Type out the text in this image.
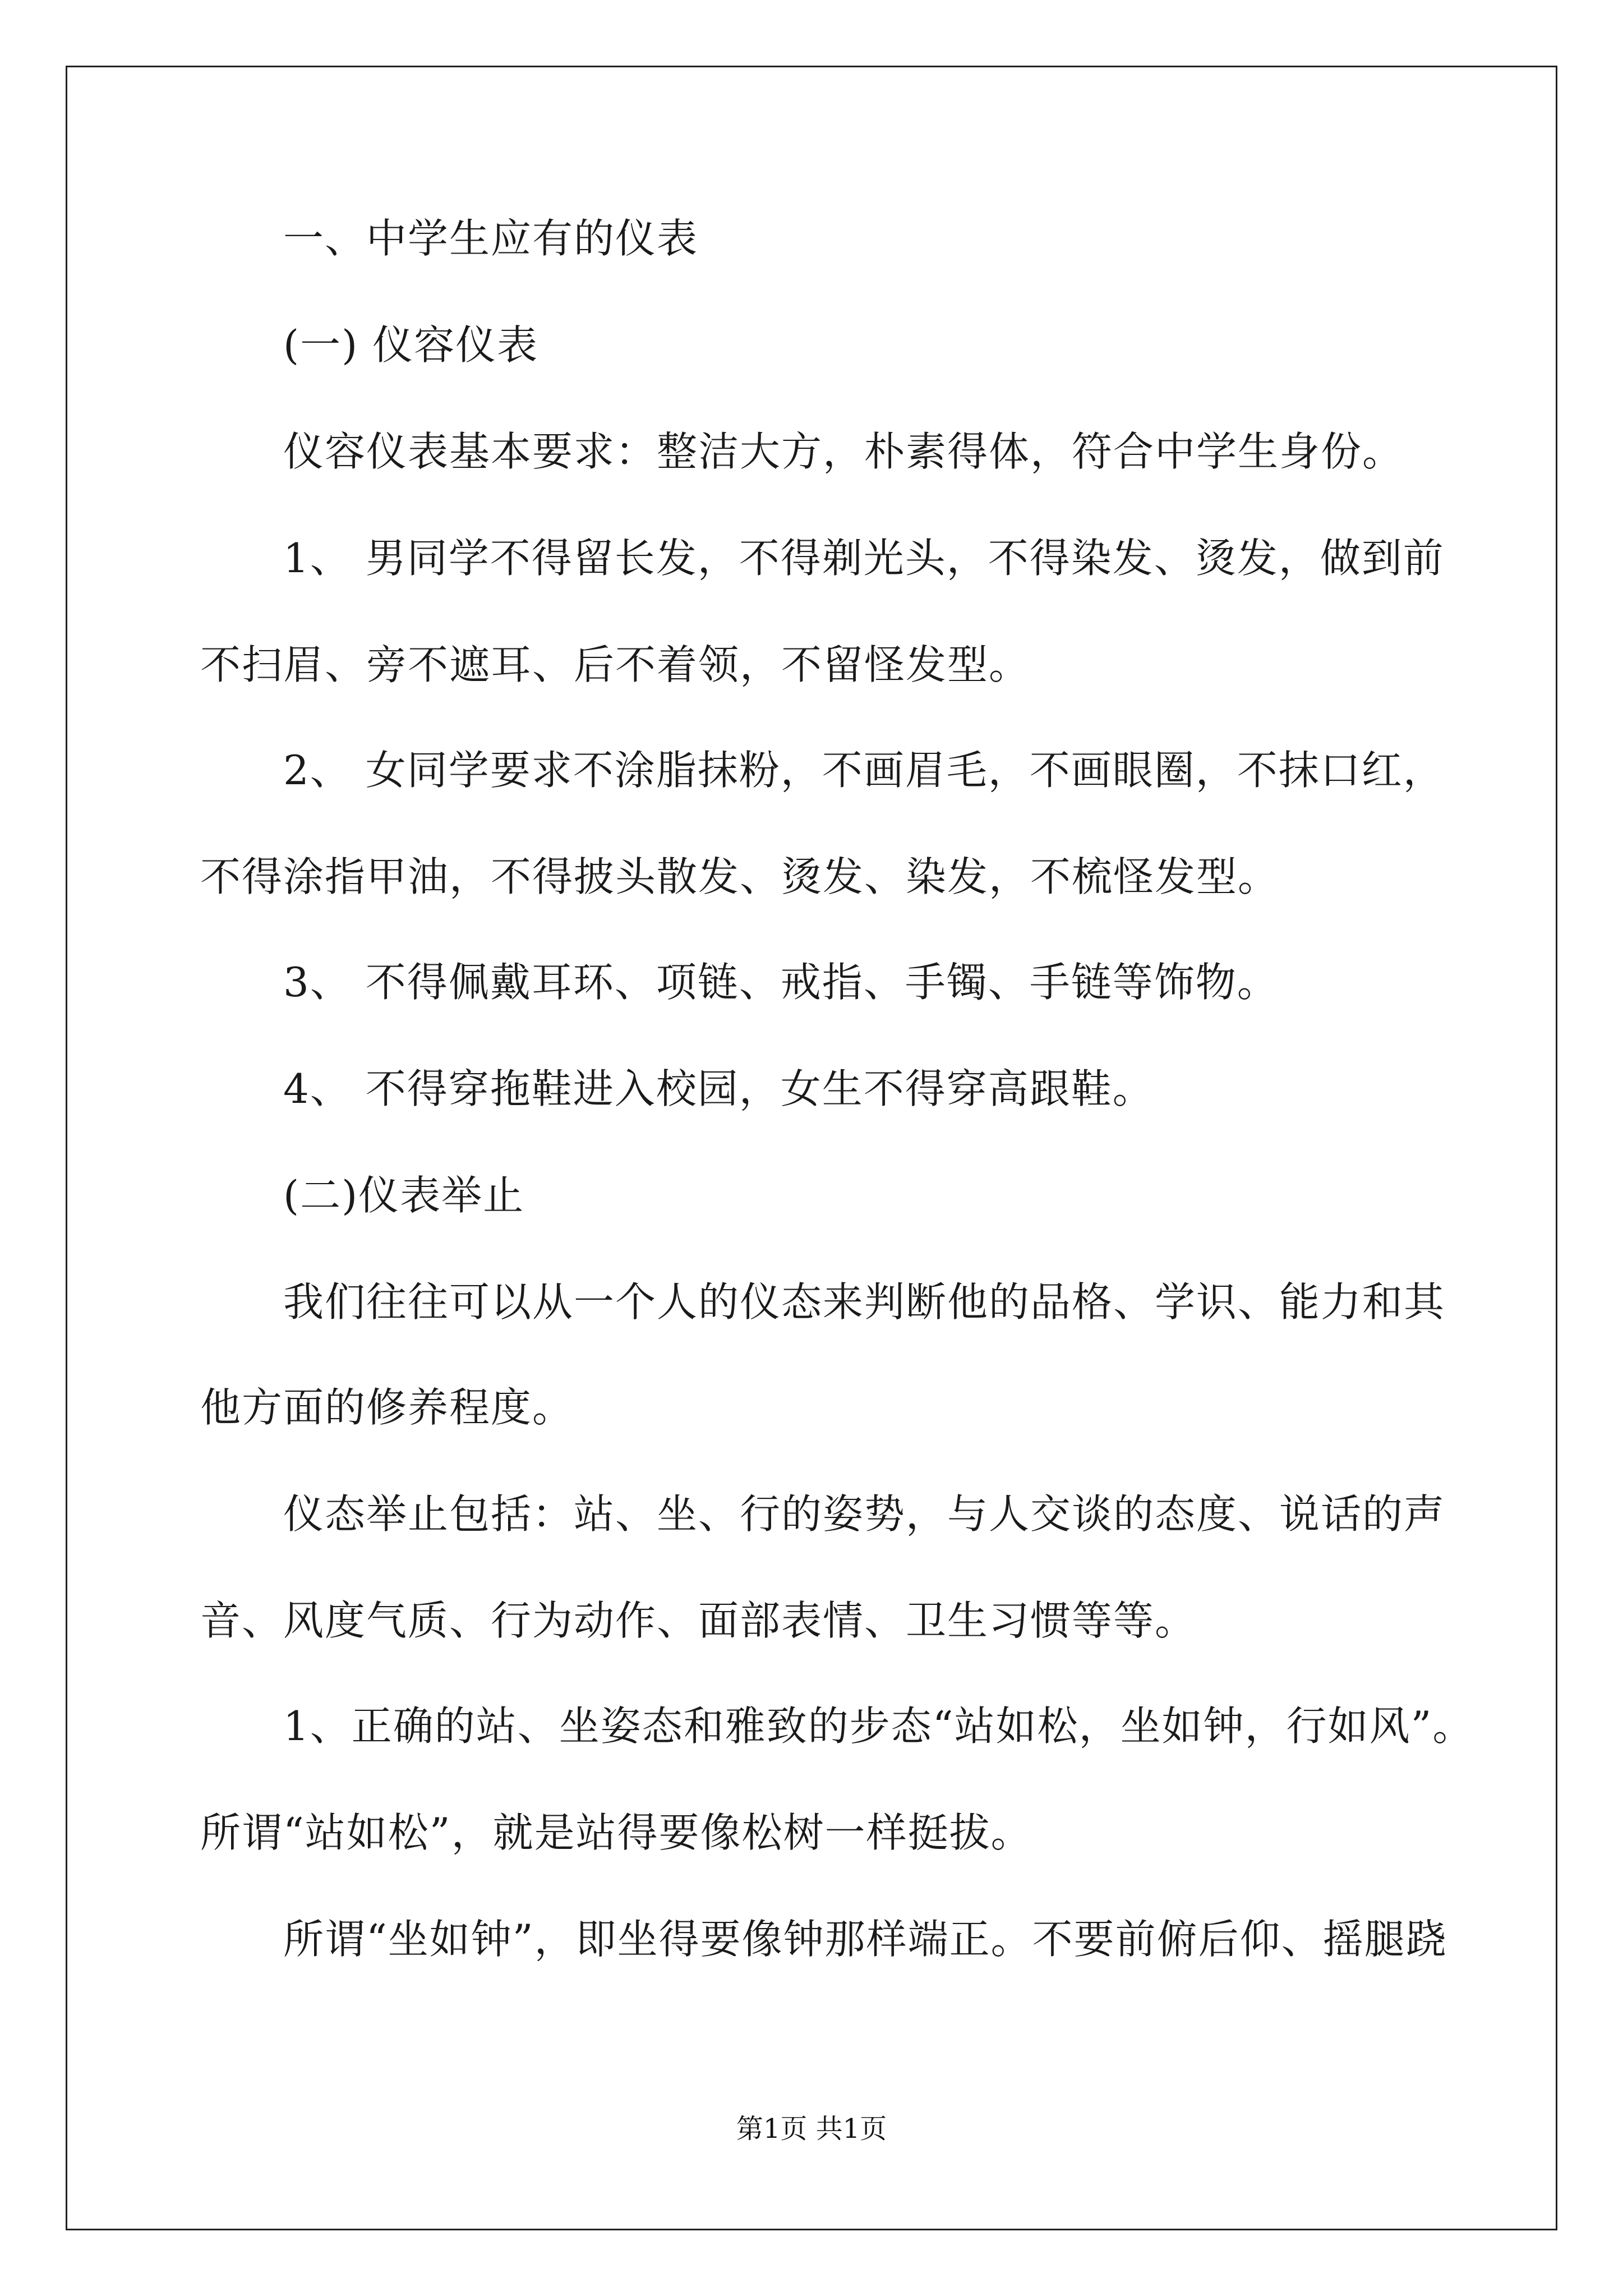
一、中学生应有的仪表
(一) 仪容仪表
仪容仪表基本要求：整洁大方，朴素得体，符合中学生身份。
1、 男同学不得留长发，不得剃光头，不得染发、烫发，做到前
不扫眉、旁不遮耳、后不着领，不留怪发型。
2、 女同学要求不涂脂抹粉，不画眉毛，不画眼圈，不抹口红，
不得涂指甲油，不得披头散发、烫发、染发，不梳怪发型。
3、 不得佩戴耳环、项链、戒指、手镯、手链等饰物。
4、 不得穿拖鞋进入校园，女生不得穿高跟鞋。
(二)仪表举止
我们往往可以从一个人的仪态来判断他的品格、学识、能力和其
他方面的修养程度。
仪态举止包括：站、坐、行的姿势，与人交谈的态度、说话的声
音、风度气质、行为动作、面部表情、卫生习惯等等。
1、正确的站、坐姿态和雅致的步态“站如松，坐如钟，行如风”。
所谓“站如松”，就是站得要像松树一样挺拔。
所谓“坐如钟”，即坐得要像钟那样端正。不要前俯后仰、摇腿跷
第1页 共1页
